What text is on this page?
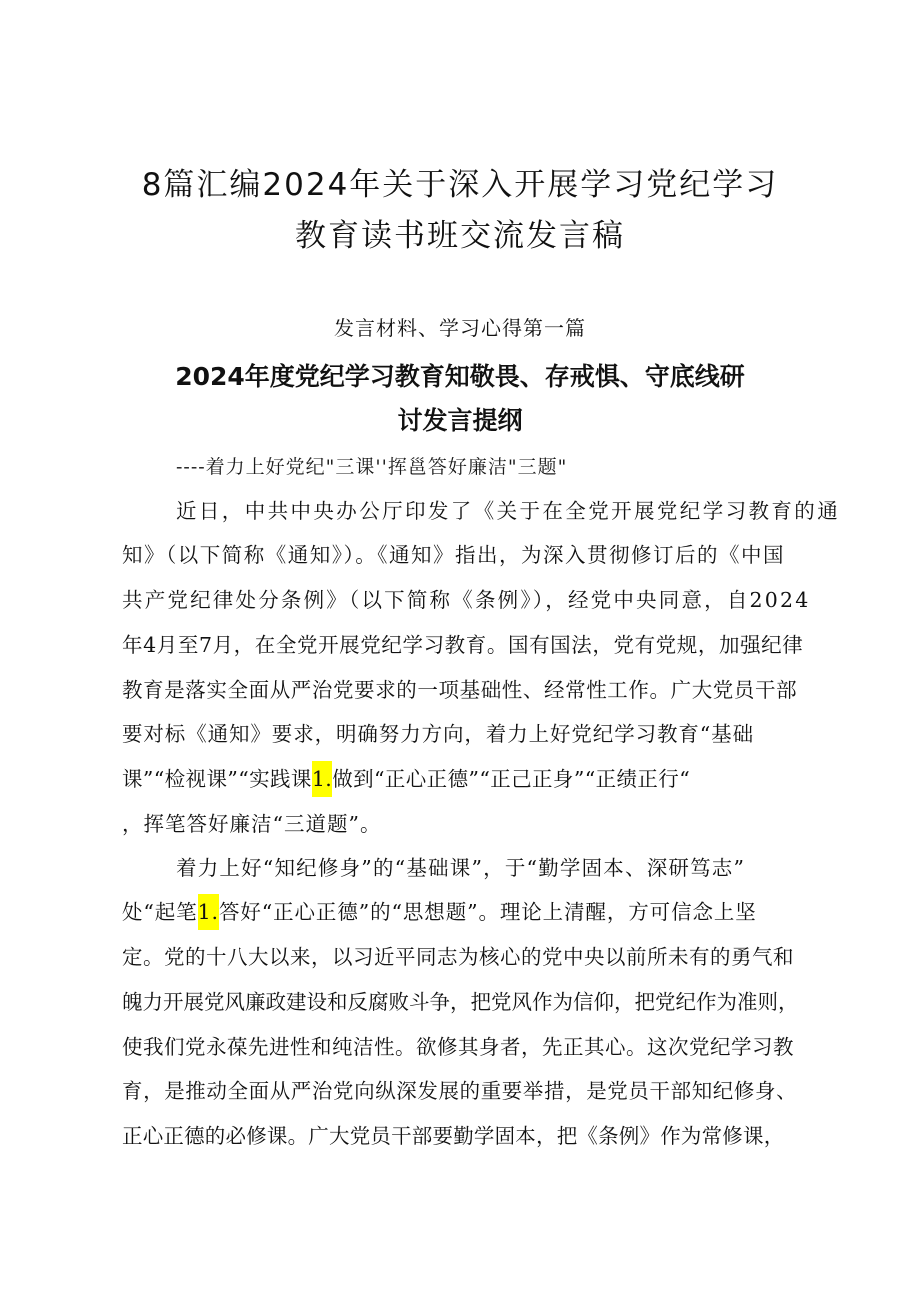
8篇汇编2024年关于深入开展学习党纪学习
教育读书班交流发言稿
发言材料、学习心得第一篇
2024年度党纪学习教育知敬畏、存戒惧、守底线研
讨发言提纲
----着力上好党纪"三课''挥邕答好廉洁"三题"
近日，中共中央办公厅印发了《关于在全党开展党纪学习教育的通
知》（以下简称《通知》）。《通知》指出，为深入贯彻修订后的《中国
共产党纪律处分条例》（以下简称《条例》），经党中央同意，自2024
年4月至7月，在全党开展党纪学习教育。国有国法，党有党规，加强纪律
教育是落实全面从严治党要求的一项基础性、经常性工作。广大党员干部
要对标《通知》要求，明确努力方向，着力上好党纪学习教育“基础
课”“检视课”“实践课1.做到“正心正德”“正己正身”“正绩正行“
，挥笔答好廉洁“三道题”。
着力上好“知纪修身”的“基础课”，于“勤学固本、深研笃志”
处“起笔1.答好“正心正德”的“思想题”。理论上清醒，方可信念上坚
定。党的十八大以来，以习近平同志为核心的党中央以前所未有的勇气和
魄力开展党风廉政建设和反腐败斗争，把党风作为信仰，把党纪作为准则，
使我们党永葆先进性和纯洁性。欲修其身者，先正其心。这次党纪学习教
育，是推动全面从严治党向纵深发展的重要举措，是党员干部知纪修身、
正心正德的必修课。广大党员干部要勤学固本，把《条例》作为常修课，
